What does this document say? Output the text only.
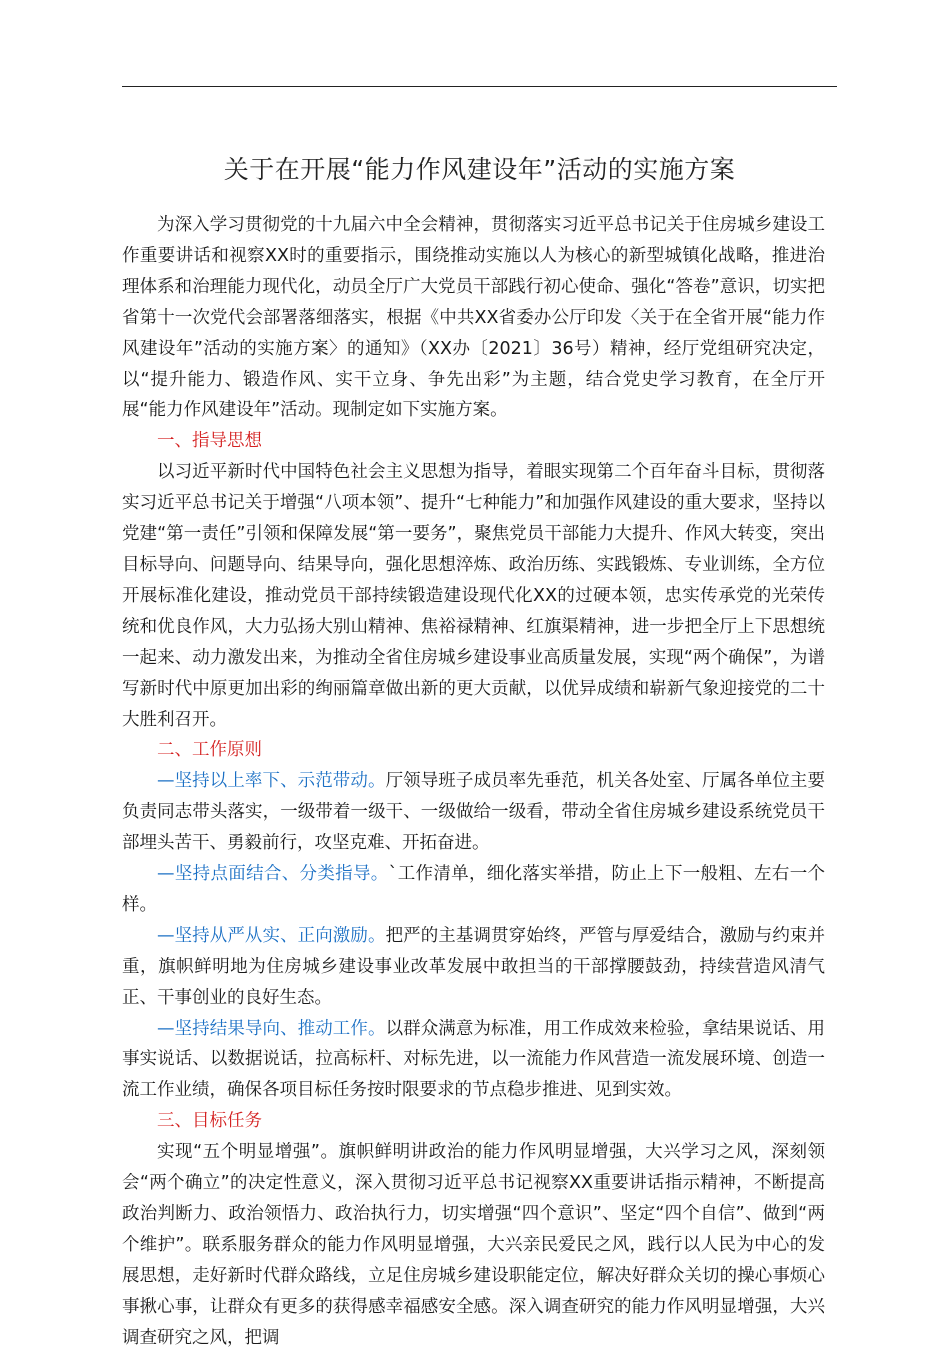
关于在开展“能力作风建设年”活动的实施方案

为深入学习贯彻党的十九届六中全会精神，贯彻落实习近平总书记关于住房城乡建设工作重要讲话和视察XX时的重要指示，围绕推动实施以人为核心的新型城镇化战略，推进治理体系和治理能力现代化，动员全厅广大党员干部践行初心使命、强化“答卷”意识，切实把省第十一次党代会部署落细落实，根据《中共XX省委办公厅印发〈关于在全省开展“能力作风建设年”活动的实施方案〉的通知》（XX办〔2021〕36号）精神，经厅党组研究决定，以“提升能力、锻造作风、实干立身、争先出彩”为主题，结合党史学习教育，在全厅开展“能力作风建设年”活动。现制定如下实施方案。

一、指导思想

以习近平新时代中国特色社会主义思想为指导，着眼实现第二个百年奋斗目标，贯彻落实习近平总书记关于增强“八项本领”、提升“七种能力”和加强作风建设的重大要求，坚持以党建“第一责任”引领和保障发展“第一要务”，聚焦党员干部能力大提升、作风大转变，突出目标导向、问题导向、结果导向，强化思想淬炼、政治历练、实践锻炼、专业训练，全方位开展标准化建设，推动党员干部持续锻造建设现代化XX的过硬本领，忠实传承党的光荣传统和优良作风，大力弘扬大别山精神、焦裕禄精神、红旗渠精神，进一步把全厅上下思想统一起来、动力激发出来，为推动全省住房城乡建设事业高质量发展，实现“两个确保”，为谱写新时代中原更加出彩的绚丽篇章做出新的更大贡献，以优异成绩和崭新气象迎接党的二十大胜利召开。

二、工作原则

—坚持以上率下、示范带动。厅领导班子成员率先垂范，机关各处室、厅属各单位主要负责同志带头落实，一级带着一级干、一级做给一级看，带动全省住房城乡建设系统党员干部埋头苦干、勇毅前行，攻坚克难、开拓奋进。

—坚持点面结合、分类指导。`工作清单，细化落实举措，防止上下一般粗、左右一个样。

—坚持从严从实、正向激励。把严的主基调贯穿始终，严管与厚爱结合，激励与约束并重，旗帜鲜明地为住房城乡建设事业改革发展中敢担当的干部撑腰鼓劲，持续营造风清气正、干事创业的良好生态。

—坚持结果导向、推动工作。以群众满意为标准，用工作成效来检验，拿结果说话、用事实说话、以数据说话，拉高标杆、对标先进，以一流能力作风营造一流发展环境、创造一流工作业绩，确保各项目标任务按时限要求的节点稳步推进、见到实效。

三、目标任务

实现“五个明显增强”。旗帜鲜明讲政治的能力作风明显增强，大兴学习之风，深刻领会“两个确立”的决定性意义，深入贯彻习近平总书记视察XX重要讲话指示精神，不断提高政治判断力、政治领悟力、政治执行力，切实增强“四个意识”、坚定“四个自信”、做到“两个维护”。联系服务群众的能力作风明显增强，大兴亲民爱民之风，践行以人民为中心的发展思想，走好新时代群众路线，立足住房城乡建设职能定位，解决好群众关切的操心事烦心事揪心事，让群众有更多的获得感幸福感安全感。深入调查研究的能力作风明显增强，大兴调查研究之风，把调
